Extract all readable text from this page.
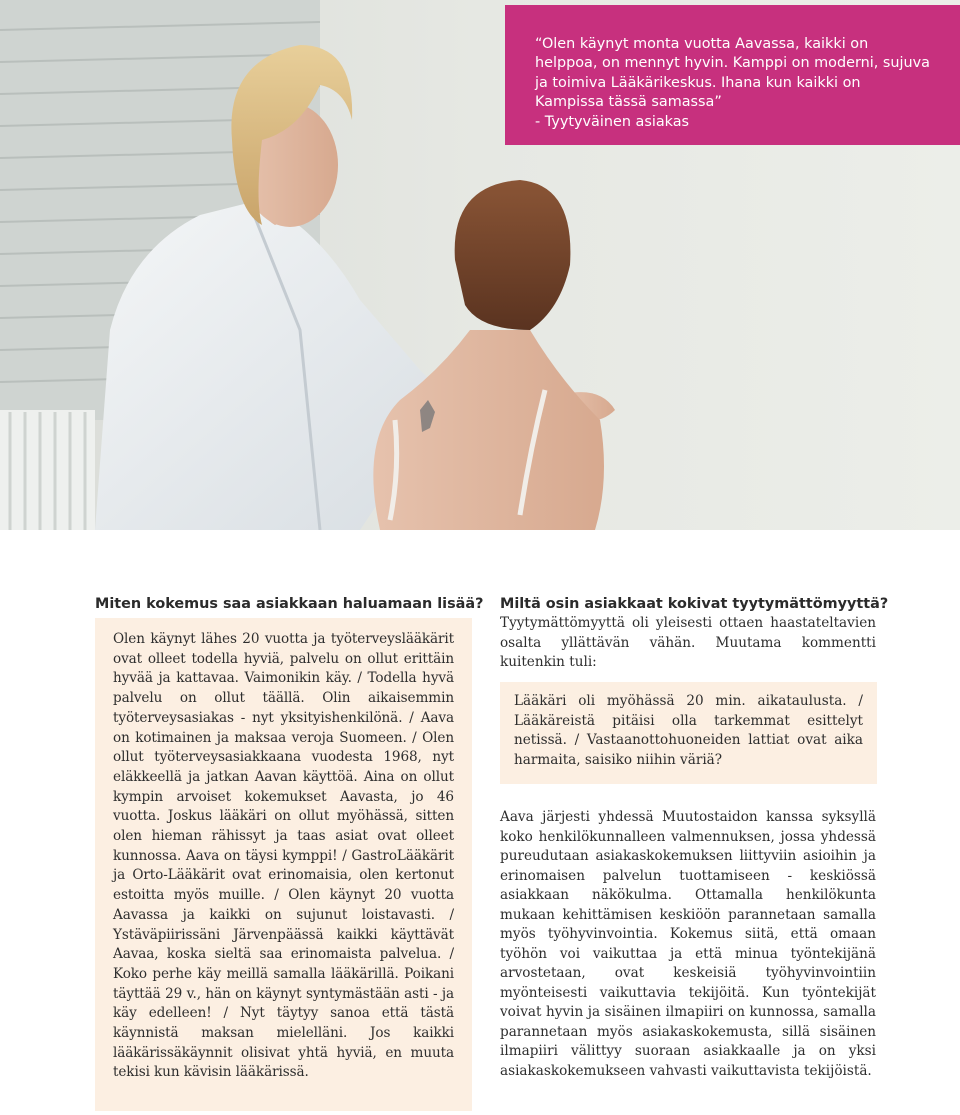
“Olen käynyt monta vuotta Aavassa, kaikki on helppoa, on mennyt hyvin. Kamppi on moderni, sujuva ja toimiva Lääkärikeskus. Ihana kun kaikki on Kampissa tässä samassa”

- Tyytyväinen asiakas

Miten kokemus saa asiakkaan haluamaan lisää?

Olen käynyt lähes 20 vuotta ja työterveyslääkärit ovat olleet todella hyviä, palvelu on ollut erittäin hyvää ja kattavaa. Vaimonikin käy. / Todella hyvä palvelu on ollut täällä. Olin aikaisemmin työterveysasiakas - nyt yksityishenkilönä. / Aava on kotimainen ja maksaa veroja Suomeen. / Olen ollut työterveysasiakkaana vuodesta 1968, nyt eläkkeellä ja jatkan Aavan käyttöä. Aina on ollut kympin arvoiset kokemukset Aavasta, jo 46 vuotta. Joskus lääkäri on ollut myöhässä, sitten olen hieman rähissyt ja taas asiat ovat olleet kunnossa. Aava on täysi kymppi! / GastroLääkärit ja Orto-Lääkärit ovat erinomaisia, olen kertonut estoitta myös muille. / Olen käynyt 20 vuotta Aavassa ja kaikki on sujunut loistavasti. / Ystäväpiirissäni Järvenpäässä kaikki käyttävät Aavaa, koska sieltä saa erinomaista palvelua. / Koko perhe käy meillä samalla lääkärillä. Poikani täyttää 29 v., hän on käynyt syntymästään asti - ja käy edelleen! / Nyt täytyy sanoa että tästä käynnistä maksan mielelläni. Jos kaikki lääkärissäkäynnit olisivat yhtä hyviä, en muuta tekisi kun kävisin lääkärissä.

Miltä osin asiakkaat kokivat tyytymättömyyttä?

Tyytymättömyyttä oli yleisesti ottaen haastateltavien osalta yllättävän vähän. Muutama kommentti kuitenkin tuli:

Lääkäri oli myöhässä 20 min. aikataulusta. / Lääkäreistä pitäisi olla tarkemmat esittelyt netissä. / Vastaanottohuoneiden lattiat ovat aika harmaita, saisiko niihin väriä?

Aava järjesti yhdessä Muutostaidon kanssa syksyllä koko henkilökunnalleen valmennuksen, jossa yhdessä pureudutaan asiakaskokemuksen liittyviin asioihin ja erinomaisen palvelun tuottamiseen - keskiössä asiakkaan näkökulma. Ottamalla henkilökunta mukaan kehittämisen keskiöön parannetaan samalla myös työhyvinvointia. Kokemus siitä, että omaan työhön voi vaikuttaa ja että minua työntekijänä arvostetaan, ovat keskeisiä työhyvinvointiin myönteisesti vaikuttavia tekijöitä. Kun työntekijät voivat hyvin ja sisäinen ilmapiiri on kunnossa, samalla parannetaan myös asiakaskokemusta, sillä sisäinen ilmapiiri välittyy suoraan asiakkaalle ja on yksi asiakaskokemukseen vahvasti vaikuttavista tekijöistä.
